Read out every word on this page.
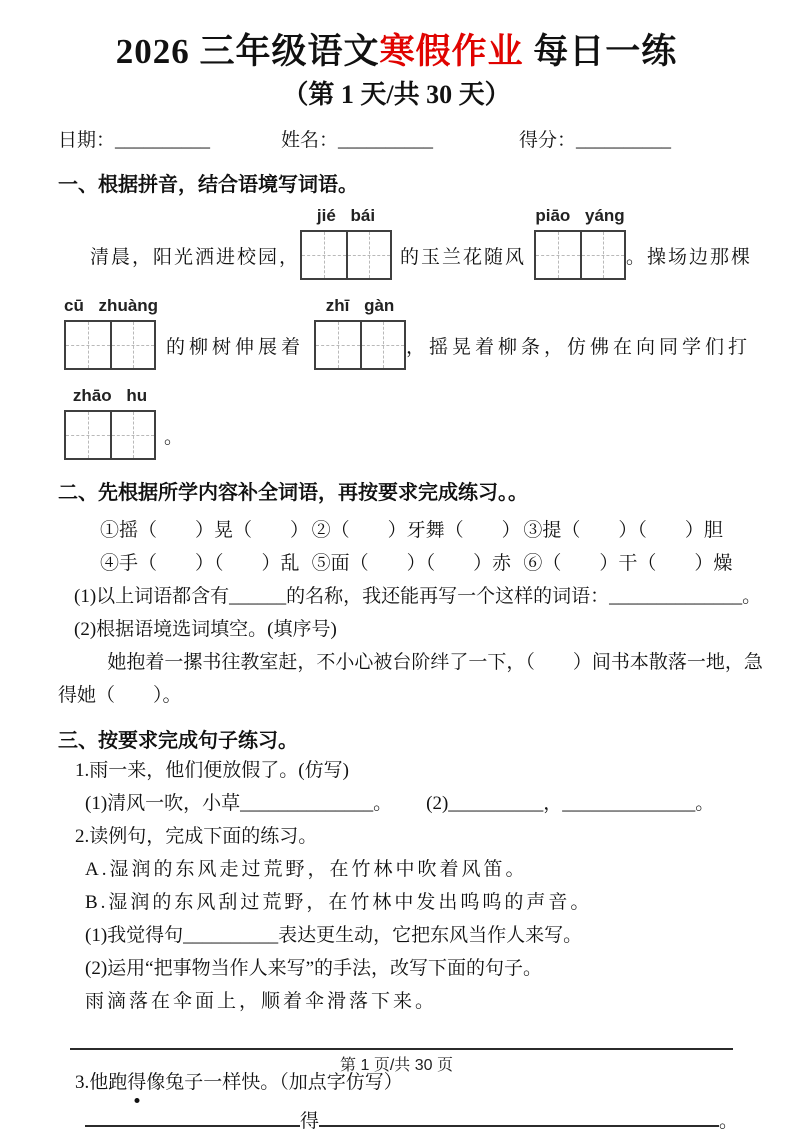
2026 三年级语文寒假作业 每日一练
（第 1 天/共 30 天）
日期：__________	姓名：__________	得分：__________
一、根据拼音，结合语境写词语。
清晨，阳光洒进校园，
jié bái
的玉兰花随风
piāo yáng
。操场边那棵
cū zhuàng
的柳树伸展着
zhī gàn
，摇晃着柳条，仿佛在向同学们打
zhāo hu
。
二、先根据所学内容补全词语，再按要求完成练习。。
①摇（　　）晃（　　） ②（　　）牙舞（　　） ③提（　　）（　　）胆
④手（　　）（　　）乱 ⑤面（　　）（　　）赤 ⑥（　　）干（　　）燥
(1)以上词语都含有______的名称，我还能再写一个这样的词语：______________。
(2)根据语境选词填空。(填序号)
她抱着一摞书往教室赶，不小心被台阶绊了一下，（　　）间书本散落一地，急
得她（　　）。
三、按要求完成句子练习。
1.雨一来，他们便放假了。(仿写)
(1)清风一吹，小草______________。 (2)__________，______________。
2.读例句，完成下面的练习。
A.湿润的东风走过荒野，在竹林中吹着风笛。
B.湿润的东风刮过荒野，在竹林中发出呜呜的声音。
(1)我觉得句__________表达更生动，它把东风当作人来写。
(2)运用“把事物当作人来写”的手法，改写下面的句子。
雨滴落在伞面上，顺着伞滑落下来。
3.他跑得像兔子一样快。（加点字仿写）
得	。
第 1 页/共 30 页
